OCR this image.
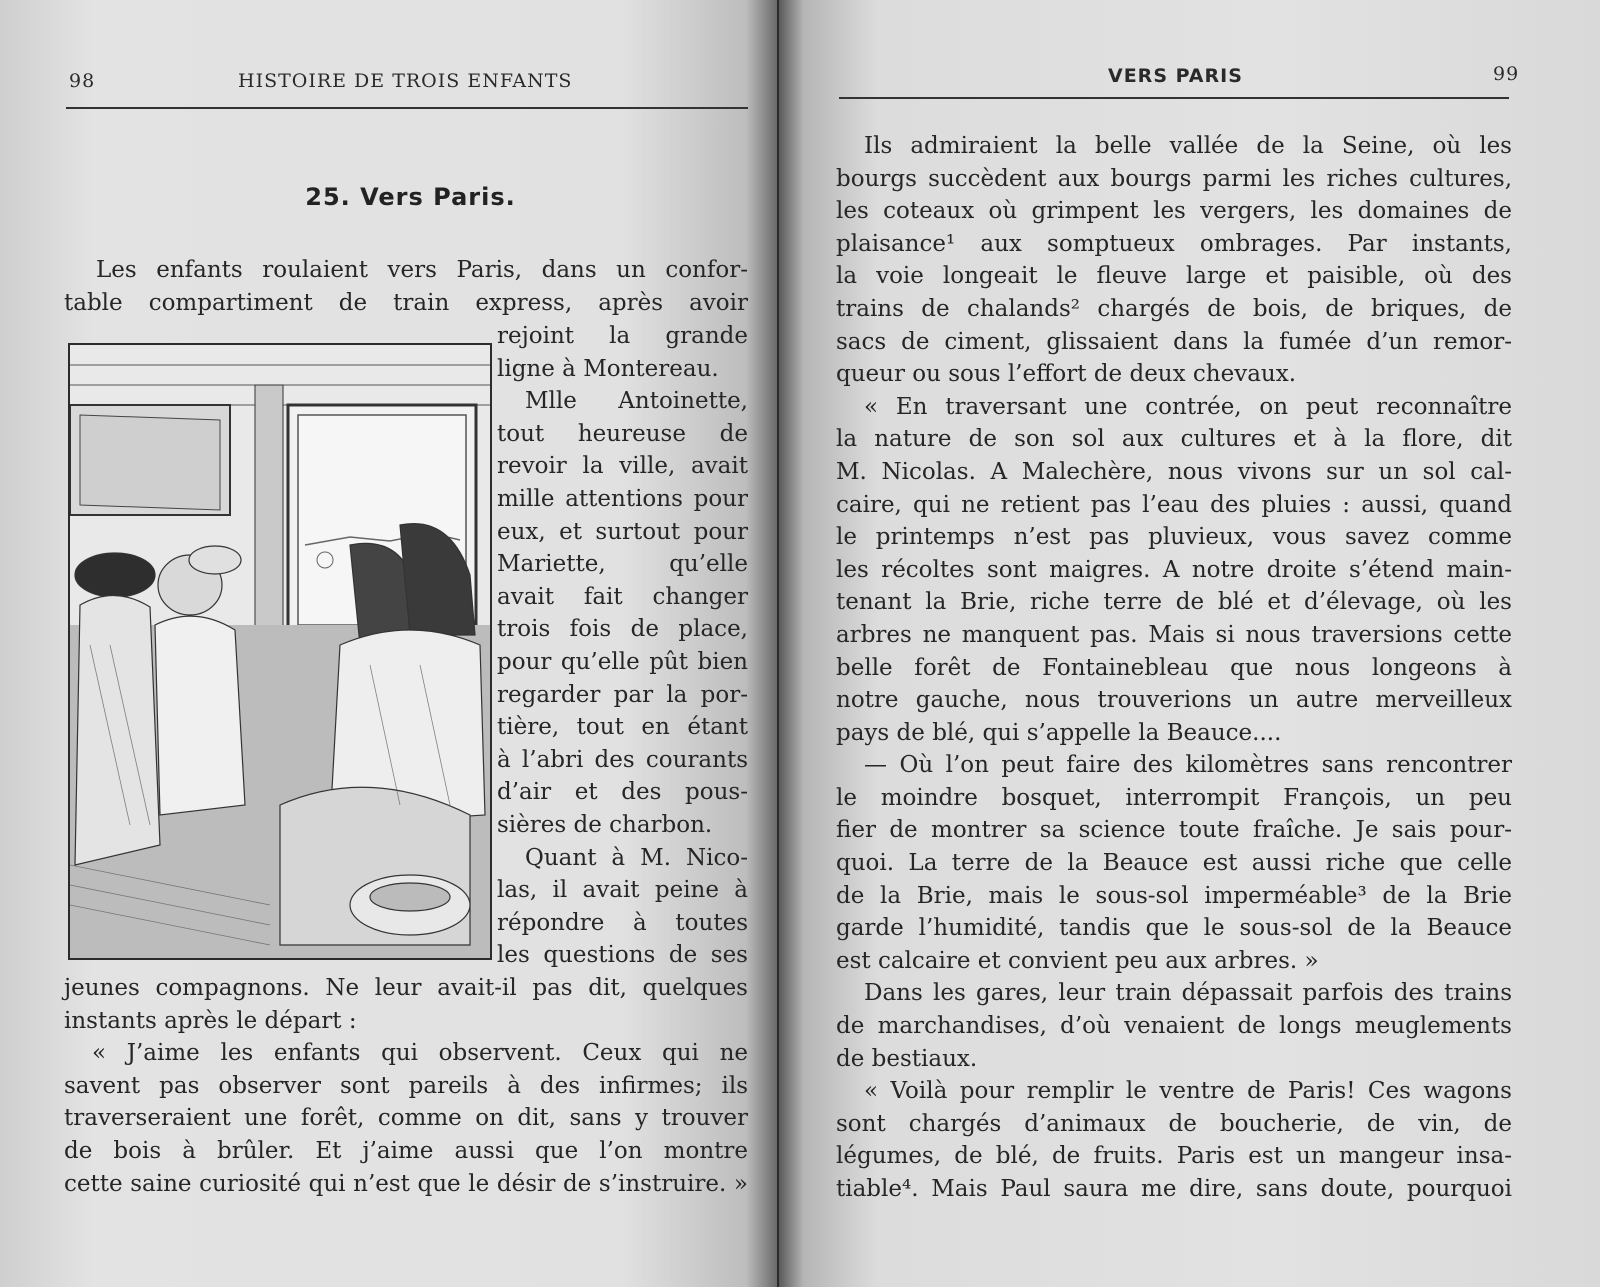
98	HISTOIRE DE TROIS ENFANTS
25. Vers Paris.
Les enfants roulaient vers Paris, dans un confor-
table compartiment de train express, après avoir
rejoint la grande
ligne à Montereau.
Mlle Antoinette,
tout heureuse de
revoir la ville, avait
mille attentions pour
eux, et surtout pour
Mariette, qu’elle
avait fait changer
trois fois de place,
pour qu’elle pût bien
regarder par la por-
tière, tout en étant
à l’abri des courants
d’air et des pous-
sières de charbon.
Quant à M. Nico-
las, il avait peine à
répondre à toutes
les questions de ses
jeunes compagnons. Ne leur avait-il pas dit, quelques
instants après le départ :
« J’aime les enfants qui observent. Ceux qui ne
savent pas observer sont pareils à des infirmes; ils
traverseraient une forêt, comme on dit, sans y trouver
de bois à brûler. Et j’aime aussi que l’on montre
cette saine curiosité qui n’est que le désir de s’instruire. »
VERS PARIS	99
Ils admiraient la belle vallée de la Seine, où les
bourgs succèdent aux bourgs parmi les riches cultures,
les coteaux où grimpent les vergers, les domaines de
plaisance¹ aux somptueux ombrages. Par instants,
la voie longeait le fleuve large et paisible, où des
trains de chalands² chargés de bois, de briques, de
sacs de ciment, glissaient dans la fumée d’un remor-
queur ou sous l’effort de deux chevaux.
« En traversant une contrée, on peut reconnaître
la nature de son sol aux cultures et à la flore, dit
M. Nicolas. A Malechère, nous vivons sur un sol cal-
caire, qui ne retient pas l’eau des pluies : aussi, quand
le printemps n’est pas pluvieux, vous savez comme
les récoltes sont maigres. A notre droite s’étend main-
tenant la Brie, riche terre de blé et d’élevage, où les
arbres ne manquent pas. Mais si nous traversions cette
belle forêt de Fontainebleau que nous longeons à
notre gauche, nous trouverions un autre merveilleux
pays de blé, qui s’appelle la Beauce....
— Où l’on peut faire des kilomètres sans rencontrer
le moindre bosquet, interrompit François, un peu
fier de montrer sa science toute fraîche. Je sais pour-
quoi. La terre de la Beauce est aussi riche que celle
de la Brie, mais le sous-sol imperméable³ de la Brie
garde l’humidité, tandis que le sous-sol de la Beauce
est calcaire et convient peu aux arbres. »
Dans les gares, leur train dépassait parfois des trains
de marchandises, d’où venaient de longs meuglements
de bestiaux.
« Voilà pour remplir le ventre de Paris! Ces wagons
sont chargés d’animaux de boucherie, de vin, de
légumes, de blé, de fruits. Paris est un mangeur insa-
tiable⁴. Mais Paul saura me dire, sans doute, pourquoi
